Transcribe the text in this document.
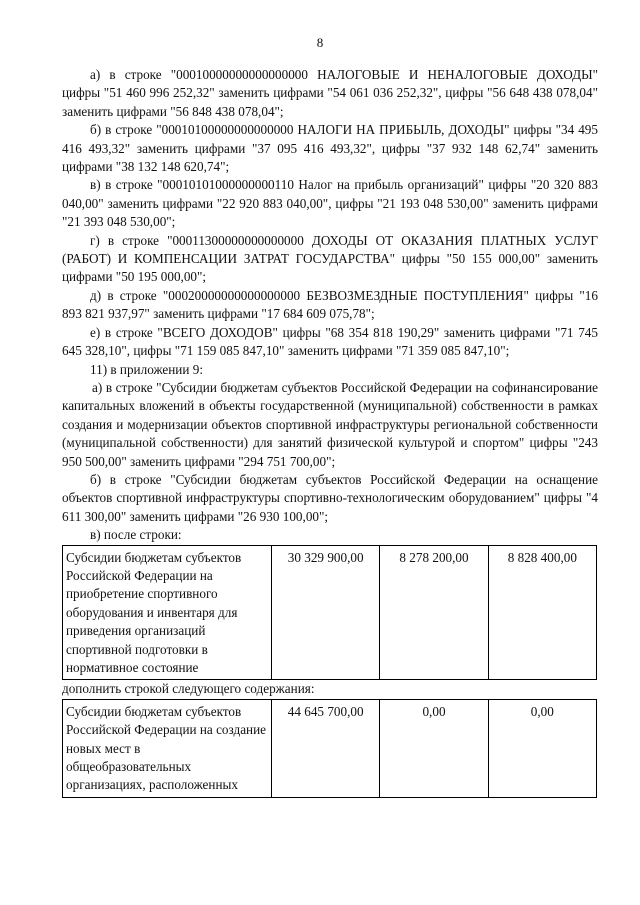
8

а) в строке "00010000000000000000 НАЛОГОВЫЕ И НЕНАЛОГОВЫЕ ДОХОДЫ" цифры "51 460 996 252,32" заменить цифрами "54 061 036 252,32", цифры "56 648 438 078,04" заменить цифрами "56 848 438 078,04";

б) в строке "00010100000000000000 НАЛОГИ НА ПРИБЫЛЬ, ДОХОДЫ" цифры "34 495 416 493,32" заменить цифрами "37 095 416 493,32", цифры "37 932 148 62,74" заменить цифрами "38 132 148 620,74";

в) в строке "00010101000000000110 Налог на прибыль организаций" цифры "20 320 883 040,00" заменить цифрами "22 920 883 040,00", цифры "21 193 048 530,00" заменить цифрами "21 393 048 530,00";

г) в строке "00011300000000000000 ДОХОДЫ ОТ ОКАЗАНИЯ ПЛАТНЫХ УСЛУГ (РАБОТ) И КОМПЕНСАЦИИ ЗАТРАТ ГОСУДАРСТВА" цифры "50 155 000,00" заменить цифрами "50 195 000,00";

д) в строке "00020000000000000000 БЕЗВОЗМЕЗДНЫЕ ПОСТУПЛЕНИЯ" цифры "16 893 821 937,97" заменить цифрами "17 684 609 075,78";

е) в строке "ВСЕГО ДОХОДОВ" цифры "68 354 818 190,29" заменить цифрами "71 745 645 328,10", цифры "71 159 085 847,10" заменить цифрами "71 359 085 847,10";

11) в приложении 9:

а) в строке "Субсидии бюджетам субъектов Российской Федерации на софинансирование капитальных вложений в объекты государственной (муниципальной) собственности в рамках создания и модернизации объектов спортивной инфраструктуры региональной собственности (муниципальной собственности) для занятий физической культурой и спортом" цифры "243 950 500,00" заменить цифрами "294 751 700,00";

б) в строке "Субсидии бюджетам субъектов Российской Федерации на оснащение объектов спортивной инфраструктуры спортивно-технологическим оборудованием" цифры "4 611 300,00" заменить цифрами "26 930 100,00";

в) после строки:

Субсидии бюджетам субъектов Российской Федерации на приобретение спортивного оборудования и инвентаря для приведения организаций спортивной подготовки в нормативное состояние	30 329 900,00	8 278 200,00	8 828 400,00

дополнить строкой следующего содержания:

Субсидии бюджетам субъектов Российской Федерации на создание новых мест в общеобразовательных организациях, расположенных	44 645 700,00	0,00	0,00
